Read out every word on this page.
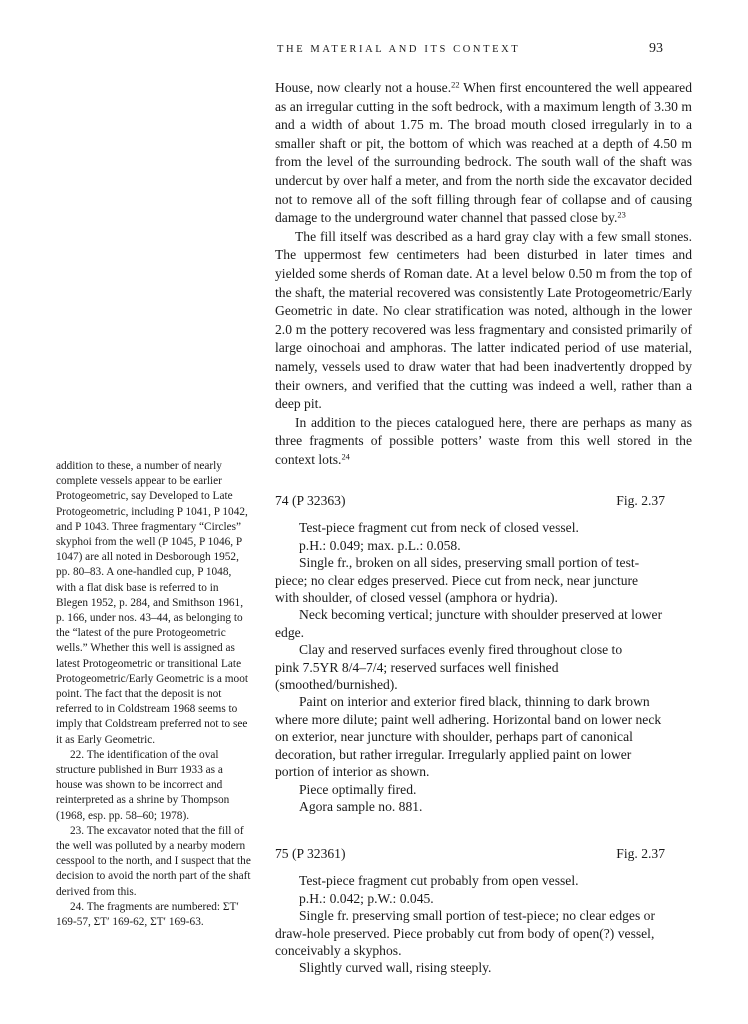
THE MATERIAL AND ITS CONTEXT	93

House, now clearly not a house.$^{22}$ When first encountered the well appeared as an irregular cutting in the soft bedrock, with a maximum length of 3.30 m and a width of about 1.75 m. The broad mouth closed irregularly in to a smaller shaft or pit, the bottom of which was reached at a depth of 4.50 m from the level of the surrounding bedrock. The south wall of the shaft was undercut by over half a meter, and from the north side the excavator decided not to remove all of the soft filling through fear of collapse and of causing damage to the underground water channel that passed close by.$^{23}$

The fill itself was described as a hard gray clay with a few small stones. The uppermost few centimeters had been disturbed in later times and yielded some sherds of Roman date. At a level below 0.50 m from the top of the shaft, the material recovered was consistently Late Protogeometric/Early Geometric in date. No clear stratification was noted, although in the lower 2.0 m the pottery recovered was less fragmentary and consisted primarily of large oinochoai and amphoras. The latter indicated period of use material, namely, vessels used to draw water that had been inadvertently dropped by their owners, and verified that the cutting was indeed a well, rather than a deep pit.

In addition to the pieces catalogued here, there are perhaps as many as three fragments of possible potters’ waste from this well stored in the context lots.$^{24}$

addition to these, a number of nearly complete vessels appear to be earlier Protogeometric, say Developed to Late Protogeometric, including P 1041, P 1042, and P 1043. Three fragmentary “Circles” skyphoi from the well (P 1045, P 1046, P 1047) are all noted in Desborough 1952, pp. 80–83. A one-handled cup, P 1048, with a flat disk base is referred to in Blegen 1952, p. 284, and Smithson 1961, p. 166, under nos. 43–44, as belonging to the “latest of the pure Protogeometric wells.” Whether this well is assigned as latest Protogeometric or transitional Late Protogeometric/Early Geometric is a moot point. The fact that the deposit is not referred to in Coldstream 1968 seems to imply that Coldstream preferred not to see it as Early Geometric.

22. The identification of the oval structure published in Burr 1933 as a house was shown to be incorrect and reinterpreted as a shrine by Thompson (1968, esp. pp. 58–60; 1978).

23. The excavator noted that the fill of the well was polluted by a nearby modern cesspool to the north, and I suspect that the decision to avoid the north part of the shaft derived from this.

24. The fragments are numbered: ΣΤ′ 169-57, ΣΤ′ 169-62, ΣΤ′ 169-63.

74 (P 32363)	Fig. 2.37

Test-piece fragment cut from neck of closed vessel.

p.H.: 0.049; max. p.L.: 0.058.

Single fr., broken on all sides, preserving small portion of test-

piece; no clear edges preserved. Piece cut from neck, near juncture with shoulder, of closed vessel (amphora or hydria).

Neck becoming vertical; juncture with shoulder preserved at lower

edge.

Clay and reserved surfaces evenly fired throughout close to

pink 7.5YR 8/4–7/4; reserved surfaces well finished (smoothed/burnished).

Paint on interior and exterior fired black, thinning to dark brown

where more dilute; paint well adhering. Horizontal band on lower neck on exterior, near juncture with shoulder, perhaps part of canonical decoration, but rather irregular. Irregularly applied paint on lower portion of interior as shown.

Piece optimally fired.

Agora sample no. 881.

75 (P 32361)	Fig. 2.37

Test-piece fragment cut probably from open vessel.

p.H.: 0.042; p.W.: 0.045.

Single fr. preserving small portion of test-piece; no clear edges or

draw-hole preserved. Piece probably cut from body of open(?) vessel, conceivably a skyphos.

Slightly curved wall, rising steeply.
